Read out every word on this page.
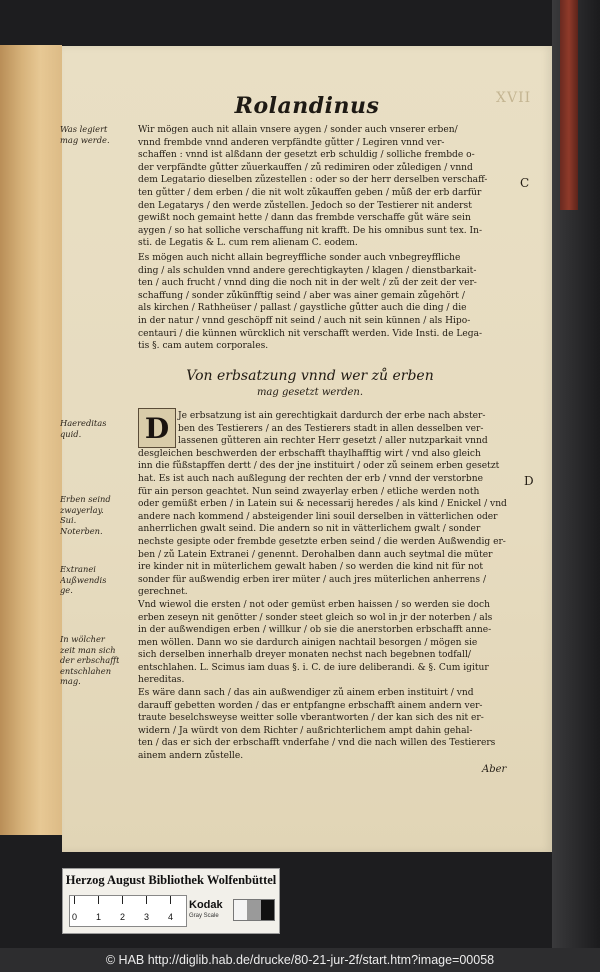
XVII
Rolandinus
Was legiert
mag werde.
Wir mögen auch nit allain vnsere aygen / sonder auch vnserer erben/
vnnd frembde vnnd anderen verpfändte gůtter / Legiren vnnd ver-
schaffen : vnnd ist alßdann der gesetzt erb schuldig / solliche frembde o-
der verpfändte gůtter zůuerkauffen / zů redimiren oder zůledigen / vnnd
dem Legatario dieselben zůzestellen : oder so der herr derselben verschaff-
ten gůtter / dem erben / die nit wolt zůkauffen geben / můß der erb darfür
den Legatarys / den werde zůstellen. Jedoch so der Testierer nit anderst
gewißt noch gemaint hette / dann das frembde verschaffe gůt wäre sein
aygen / so hat solliche verschaffung nit krafft. De his omnibus sunt tex. In-
sti. de Legatis & L. cum rem alienam C. eodem.
C
Es mögen auch nicht allain begreyffliche sonder auch vnbegreyffliche
ding / als schulden vnnd andere gerechtigkayten / klagen / dienstbarkait-
ten / auch frucht / vnnd ding die noch nit in der welt / zů der zeit der ver-
schaffung / sonder zůkünfftig seind / aber was ainer gemain zůgehört /
als kirchen / Rathheüser / pallast / gaystliche gůtter auch die ding / die
in der natur / vnnd geschöpff nit seind / auch nit sein künnen / als Hipo-
centauri / die künnen würcklich nit verschafft werden. Vide Insti. de Lega-
tis §. cam autem corporales.
Von erbsatzung vnnd wer zů erben
mag gesetzt werden.
D
Haereditas
quid.
Erben seind
zwayerlay.
Sui.
Noterben.
Extranei
Außwendis
ge.
In wölcher
zeit man sich
der erbschafft
entschlahen
mag.
Je erbsatzung ist ain gerechtigkait dardurch der erbe nach abster-
ben des Testierers / an des Testierers stadt in allen desselben ver-
lassenen gůtteren ain rechter Herr gesetzt / aller nutzparkait vnnd
desgleichen beschwerden der erbschafft thaylhafftig wirt / vnd also gleich
inn die fůßstapffen dertt / des der jne instituirt / oder zů seinem erben gesetzt
hat. Es ist auch nach außlegung der rechten der erb / vnnd der verstorbne
für ain person geachtet. Nun seind zwayerlay erben / etliche werden noth
oder gemüßt erben / in Latein sui & necessarij heredes / als kind / Enickel / vnd
andere nach kommend / absteigender lini souil derselben in vätterlichen oder
anherrlichen gwalt seind. Die andern so nit in vätterlichem gwalt / sonder
nechste gesipte oder frembde gesetzte erben seind / die werden Außwendig er-
ben / zů Latein Extranei / genennt. Derohalben dann auch seytmal die müter
ire kinder nit in müterlichem gewalt haben / so werden die kind nit für not
sonder für außwendig erben irer müter / auch jres müterlichen anherrens /
gerechnet.
Vnd wiewol die ersten / not oder gemüst erben haissen / so werden sie doch
erben zeseyn nit genötter / sonder steet gleich so wol in jr der noterben / als
in der außwendigen erben / willkur / ob sie die anerstorben erbschafft anne-
men wöllen. Dann wo sie dardurch ainigen nachtail besorgen / mögen sie
sich derselben innerhalb dreyer monaten nechst nach begebnen todfall/
entschlahen. L. Scimus iam duas §. i. C. de iure deliberandi. & §. Cum igitur
hereditas.
Es wäre dann sach / das ain außwendiger zů ainem erben instituirt / vnd
darauff gebetten worden / das er entpfangne erbschafft ainem andern ver-
traute beselchsweyse weitter solle vberantworten / der kan sich des nit er-
widern / Ja würdt von dem Richter / außrichterlichem ampt dahin gehal-
ten / das er sich der erbschafft vnderfahe / vnd die nach willen des Testierers
ainem andern zůstelle.
D
Aber
Herzog August Bibliothek Wolfenbüttel
0 1 2 3 4
Kodak
Gray Scale
© HAB http://diglib.hab.de/drucke/80-21-jur-2f/start.htm?image=00058
